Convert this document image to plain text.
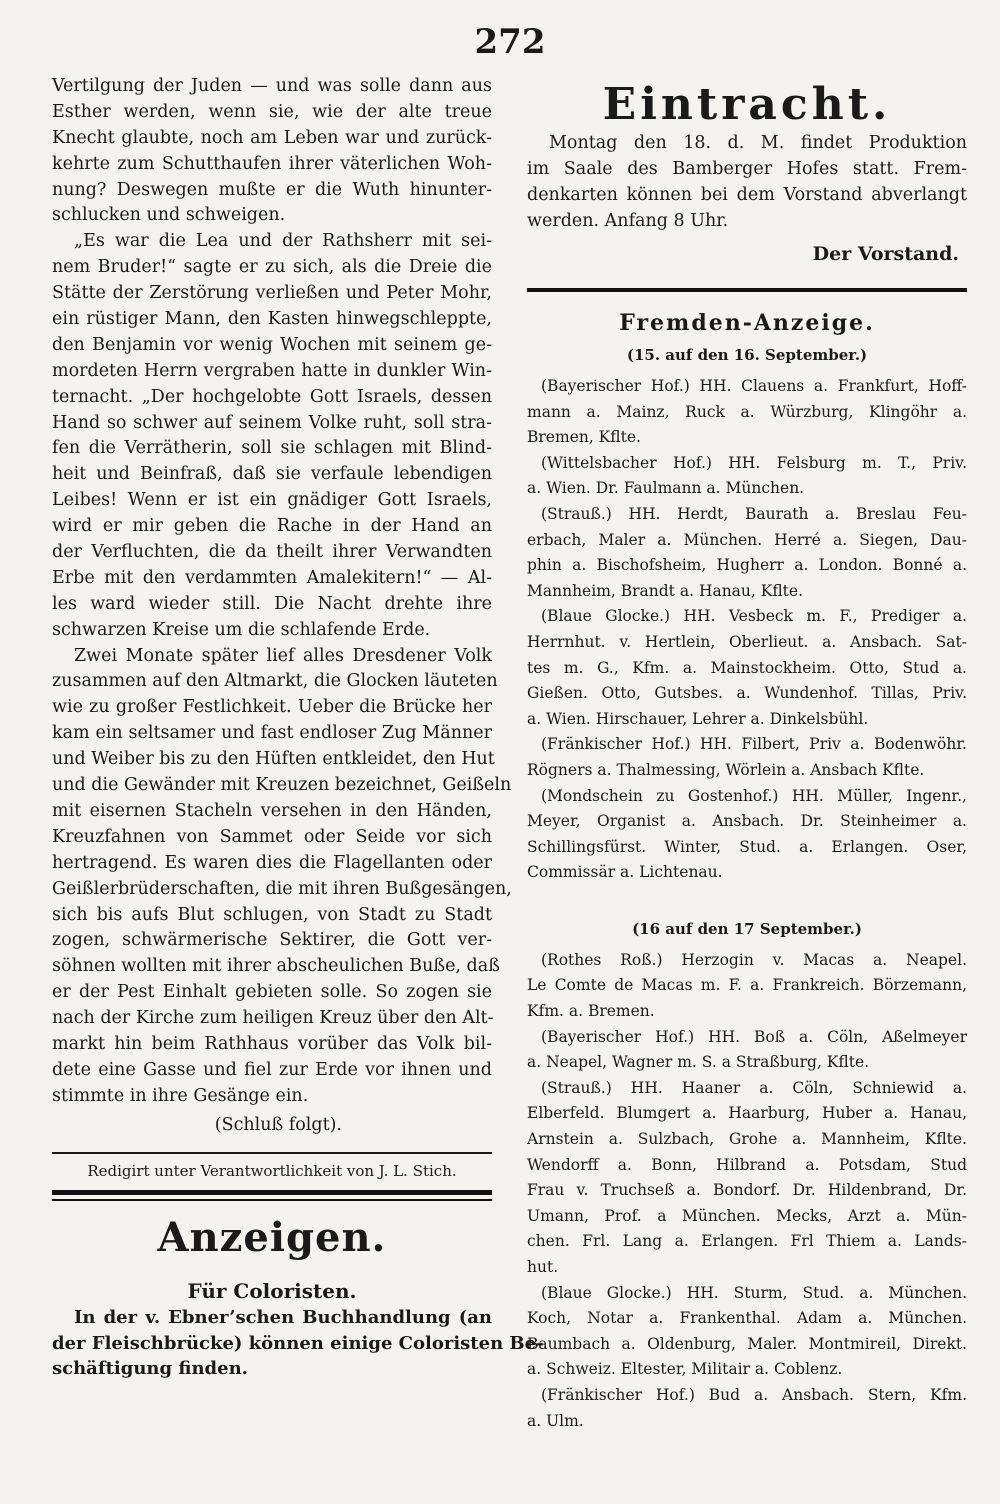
272
Vertilgung der Juden — und was solle dann aus
Esther werden, wenn sie, wie der alte treue
Knecht glaubte, noch am Leben war und zurück-
kehrte zum Schutthaufen ihrer väterlichen Woh-
nung? Deswegen mußte er die Wuth hinunter-
schlucken und schweigen.
„Es war die Lea und der Rathsherr mit sei-
nem Bruder!“ sagte er zu sich, als die Dreie die
Stätte der Zerstörung verließen und Peter Mohr,
ein rüstiger Mann, den Kasten hinwegschleppte,
den Benjamin vor wenig Wochen mit seinem ge-
mordeten Herrn vergraben hatte in dunkler Win-
ternacht. „Der hochgelobte Gott Israels, dessen
Hand so schwer auf seinem Volke ruht, soll stra-
fen die Verrätherin, soll sie schlagen mit Blind-
heit und Beinfraß, daß sie verfaule lebendigen
Leibes! Wenn er ist ein gnädiger Gott Israels,
wird er mir geben die Rache in der Hand an
der Verfluchten, die da theilt ihrer Verwandten
Erbe mit den verdammten Amalekitern!“ — Al-
les ward wieder still. Die Nacht drehte ihre
schwarzen Kreise um die schlafende Erde.
Zwei Monate später lief alles Dresdener Volk
zusammen auf den Altmarkt, die Glocken läuteten
wie zu großer Festlichkeit. Ueber die Brücke her
kam ein seltsamer und fast endloser Zug Männer
und Weiber bis zu den Hüften entkleidet, den Hut
und die Gewänder mit Kreuzen bezeichnet, Geißeln
mit eisernen Stacheln versehen in den Händen,
Kreuzfahnen von Sammet oder Seide vor sich
hertragend. Es waren dies die Flagellanten oder
Geißlerbrüderschaften, die mit ihren Bußgesängen,
sich bis aufs Blut schlugen, von Stadt zu Stadt
zogen, schwärmerische Sektirer, die Gott ver-
söhnen wollten mit ihrer abscheulichen Buße, daß
er der Pest Einhalt gebieten solle. So zogen sie
nach der Kirche zum heiligen Kreuz über den Alt-
markt hin beim Rathhaus vorüber das Volk bil-
dete eine Gasse und fiel zur Erde vor ihnen und
stimmte in ihre Gesänge ein.
(Schluß folgt).
Redigirt unter Verantwortlichkeit von J. L. Stich.
Anzeigen.
Für Coloristen.
In der v. Ebner’schen Buchhandlung (an
der Fleischbrücke) können einige Coloristen Be-
schäftigung finden.
Eintracht.
Montag den 18. d. M. findet Produktion
im Saale des Bamberger Hofes statt. Frem-
denkarten können bei dem Vorstand abverlangt
werden. Anfang 8 Uhr.
Der Vorstand.
Fremden-Anzeige.
(15. auf den 16. September.)
(Bayerischer Hof.) HH. Clauens a. Frankfurt, Hoff-
mann a. Mainz, Ruck a. Würzburg, Klingöhr a.
Bremen, Kflte.
(Wittelsbacher Hof.) HH. Felsburg m. T., Priv.
a. Wien. Dr. Faulmann a. München.
(Strauß.) HH. Herdt, Baurath a. Breslau Feu-
erbach, Maler a. München. Herré a. Siegen, Dau-
phin a. Bischofsheim, Hugherr a. London. Bonné a.
Mannheim, Brandt a. Hanau, Kflte.
(Blaue Glocke.) HH. Vesbeck m. F., Prediger a.
Herrnhut. v. Hertlein, Oberlieut. a. Ansbach. Sat-
tes m. G., Kfm. a. Mainstockheim. Otto, Stud a.
Gießen. Otto, Gutsbes. a. Wundenhof. Tillas, Priv.
a. Wien. Hirschauer, Lehrer a. Dinkelsbühl.
(Fränkischer Hof.) HH. Filbert, Priv a. Bodenwöhr.
Rögners a. Thalmessing, Wörlein a. Ansbach Kflte.
(Mondschein zu Gostenhof.) HH. Müller, Ingenr.,
Meyer, Organist a. Ansbach. Dr. Steinheimer a.
Schillingsfürst. Winter, Stud. a. Erlangen. Oser,
Commissär a. Lichtenau.
(16 auf den 17 September.)
(Rothes Roß.) Herzogin v. Macas a. Neapel.
Le Comte de Macas m. F. a. Frankreich. Börzemann,
Kfm. a. Bremen.
(Bayerischer Hof.) HH. Boß a. Cöln, Aßelmeyer
a. Neapel, Wagner m. S. a Straßburg, Kflte.
(Strauß.) HH. Haaner a. Cöln, Schniewid a.
Elberfeld. Blumgert a. Haarburg, Huber a. Hanau,
Arnstein a. Sulzbach, Grohe a. Mannheim, Kflte.
Wendorff a. Bonn, Hilbrand a. Potsdam, Stud
Frau v. Truchseß a. Bondorf. Dr. Hildenbrand, Dr.
Umann, Prof. a München. Mecks, Arzt a. Mün-
chen. Frl. Lang a. Erlangen. Frl Thiem a. Lands-
hut.
(Blaue Glocke.) HH. Sturm, Stud. a. München.
Koch, Notar a. Frankenthal. Adam a. München.
Baumbach a. Oldenburg, Maler. Montmireil, Direkt.
a. Schweiz. Eltester, Militair a. Coblenz.
(Fränkischer Hof.) Bud a. Ansbach. Stern, Kfm.
a. Ulm.
